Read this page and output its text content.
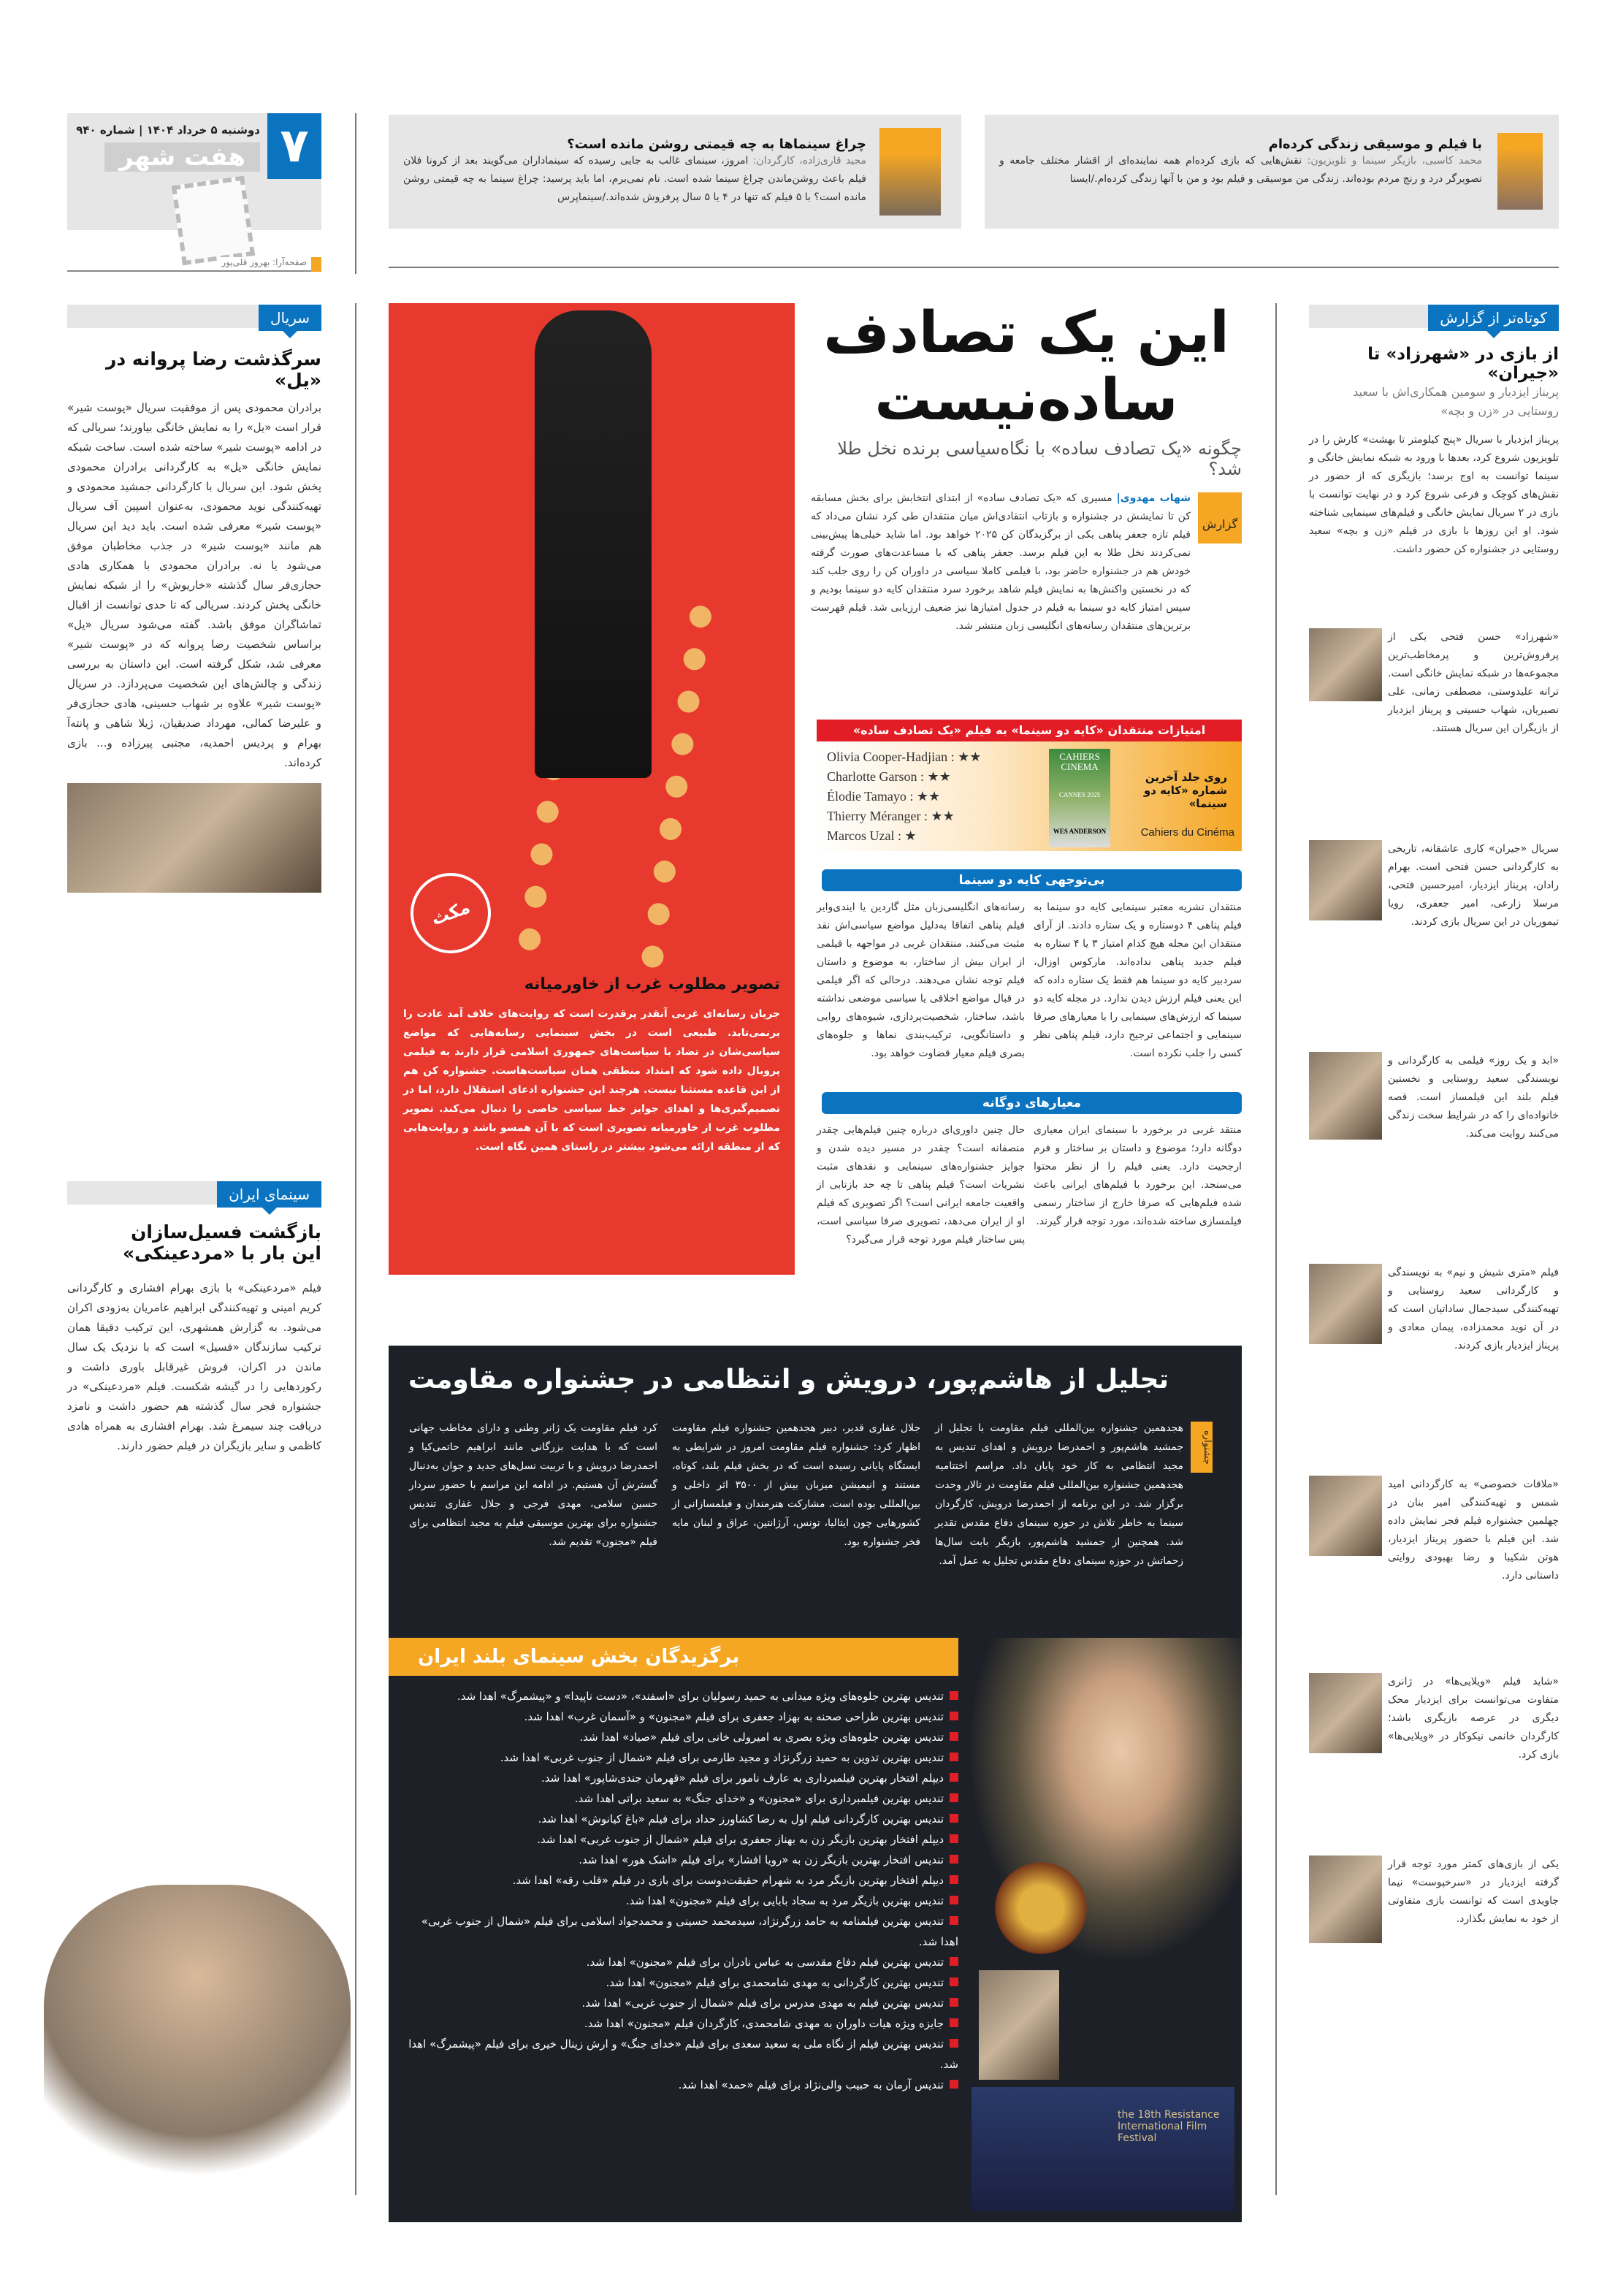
۷
دوشنبه ۵ خرداد ۱۴۰۴ | شماره ۹۴۰
هفت شهر
صفحه‌آرا: بهروز قلی‌پور
چراغ سینماها به چه قیمتی روشن مانده است؟
مجید قاری‌زاده، کارگردان: امروز، سینمای غالب به جایی رسیده که سینماداران می‌گویند بعد از کرونا فلان فیلم باعث روشن‌ماندن چراغ سینما شده است. نام نمی‌برم، اما باید پرسید: چراغ سینما به چه قیمتی روشن مانده است؟ با ۵ فیلم که تنها در ۴ یا ۵ سال پرفروش شده‌اند./سینماپرس
با فیلم و موسیقی زندگی کرده‌ام
محمد کاسبی، بازیگر سینما و تلویزیون: نقش‌هایی که بازی کرده‌ام همه نماینده‌ای از اقشار مختلف جامعه و تصویرگر درد و رنج مردم بوده‌اند. زندگی من موسیقی و فیلم بود و من با آنها زندگی کرده‌ام./ایسنا
سریال
سرگذشت رضا پروانه در «یل»
برادران محمودی پس از موفقیت سریال «پوست شیر» قرار است «یل» را به نمایش خانگی بیاورند؛ سریالی که در ادامه «پوست شیر» ساخته شده است. ساخت شبکه نمایش خانگی «یل» به کارگردانی برادران محمودی پخش شود. این سریال با کارگردانی جمشید محمودی و تهیه‌کنندگی نوید محمودی، به‌عنوان اسپین آف سریال «پوست شیر» معرفی شده است. باید دید این سریال هم مانند «پوست شیر» در جذب مخاطبان موفق می‌شود یا نه. برادران محمودی با همکاری هادی حجازی‌فر سال گذشته «خاریوش» را از شبکه نمایش خانگی پخش کردند. سریالی که تا حدی توانست از اقبال تماشاگران موفق باشد. گفته می‌شود سریال «یل» براساس شخصیت رضا پروانه که در «پوست شیر» معرفی شد، شکل گرفته است. این داستان به بررسی زندگی و چالش‌های این شخصیت می‌پردازد. در سریال «پوست شیر» علاوه بر شهاب حسینی، هادی حجازی‌فر و علیرضا کمالی، مهرداد صدیقیان، ژیلا شاهی و پانته‌آ بهرام و پردیس احمدیه، مجتبی پیرزاده و... بازی کرده‌اند.
سینمای ایران
بازگشت فسیل‌سازان
این بار با «مردعینکی»
فیلم «مردعینکی» با بازی بهرام افشاری و کارگردانی کریم امینی و تهیه‌کنندگی ابراهیم عامریان به‌زودی اکران می‌شود. به گزارش همشهری، این ترکیب دقیقا همان ترکیب سازندگان «فسیل» است که با نزدیک یک سال ماندن در اکران، فروش غیرقابل باوری داشت و رکورد‌هایی را در گیشه شکست. فیلم «مردعینکی» در جشنواره فجر سال گذشته هم حضور داشت و نامزد دریافت چند سیمرغ شد. بهرام افشاری به همراه هادی کاظمی و سایر بازیگران در فیلم حضور دارند.
مکث
تصویر مطلوب غرب از خاورمیانه
جریان رسانه‌ای غربی آنقدر پرقدرت است که روایت‌های خلاف آمد عادت را برنمی‌تابد. طبیعی است در بخش سینمایی رسانه‌هایی که مواضع سیاسی‌شان در تضاد با سیاست‌های جمهوری اسلامی قرار دارند به فیلمی پروبال داده شود که امتداد منطقی همان سیاست‌هاست. جشنواره کن هم از این قاعده مستثنا نیست. هرچند این جشنواره ادعای استقلال دارد، اما در تصمیم‌گیری‌ها و اهدای جوایز خط سیاسی خاصی را دنبال می‌کند. تصویر مطلوب غرب از خاورمیانه تصویری است که با آن همسو باشد و روایت‌هایی که از منطقه ارائه می‌شود بیشتر در راستای همین نگاه است.
این یک تصادف
ساده‌نیست
چگونه «یک تصادف ساده» با نگاه‌سیاسی برنده نخل طلا شد؟
گزارش
شهاب مهدوی| مسیری که «یک تصادف ساده» از ابتدای انتخابش برای بخش مسابقه کن تا نمایشش در جشنواره و بازتاب انتقادی‌اش میان منتقدان طی کرد نشان می‌داد که فیلم تازه جعفر پناهی یکی از برگزیدگان کن ۲۰۲۵ خواهد بود. اما شاید خیلی‌ها پیش‌بینی نمی‌کردند نخل طلا به این فیلم برسد. جعفر پناهی که با مساعدت‌های صورت گرفته خودش هم در جشنواره حاضر بود، با فیلمی کاملا سیاسی در داوران کن را روی جلب کند که در نخستین واکنش‌ها به نمایش فیلم شاهد برخورد سرد منتقدان کایه دو سینما بودیم و سپس امتیاز کایه دو سینما به فیلم در جدول امتیازها نیز ضعیف ارزیابی شد. فیلم فهرست برترین‌های منتقدان رسانه‌های انگلیسی زبان منتشر شد.
امتیازات منتقدان «کایه دو سینما» به فیلم «یک تصادف ساده»
Olivia Cooper-Hadjian : ★★
Charlotte Garson : ★★
Élodie Tamayo : ★★
Thierry Méranger : ★★
Marcos Uzal : ★
CAHIERS CINEMA
CANNES 2025
WES ANDERSON
روی جلد آخرین شماره «کایه دو سینما»
Cahiers du Cinéma
بی‌توجهی کایه دو سینما
منتقدان نشریه معتبر سینمایی کایه دو سینما به فیلم پناهی ۴ دوستاره و یک ستاره دادند. از آرای منتقدان این مجله هیچ کدام امتیاز ۳ یا ۴ ستاره به فیلم جدید پناهی نداده‌اند. مارکوس اوزال، سردبیر کایه دو سینما هم فقط یک ستاره داده که این یعنی فیلم ارزش دیدن ندارد. در مجله کایه دو سینما که ارزش‌های سینمایی را با معیارهای صرفا سینمایی و اجتماعی ترجیح دارد، فیلم پناهی نظر کسی را جلب نکرده است.
رسانه‌های انگلیسی‌زبان مثل گاردین یا ایندی‌وایر فیلم پناهی اتفاقا به‌دلیل مواضع سیاسی‌اش نقد مثبت می‌کنند. منتقدان غربی در مواجهه با فیلمی از ایران بیش از ساختار، به موضوع و داستان فیلم توجه نشان می‌دهند. درحالی که اگر فیلمی در قبال مواضع اخلاقی یا سیاسی موضعی نداشته باشد، ساختار، شخصیت‌پردازی، شیوه‌های روایی و داستانگویی، ترکیب‌بندی نماها و جلوه‌های بصری فیلم معیار قضاوت خواهد بود.
معیارهای دوگانه
منتقد غربی در برخورد با سینمای ایران معیاری دوگانه دارد؛ موضوع و داستان بر ساختار و فرم ارجحیت دارد. یعنی فیلم را از نظر محتوا می‌سنجد. این برخورد با فیلم‌های ایرانی باعث شده فیلم‌هایی که صرفا خارج از ساختار رسمی فیلمسازی ساخته شده‌اند، مورد توجه قرار گیرند.
حال چنین داوری‌ای درباره چنین فیلم‌هایی چقدر منصفانه است؟ چقدر در مسیر دیده شدن و جوایز جشنواره‌های سینمایی و نقدهای مثبت نشریات است؟ فیلم پناهی تا چه حد بازتابی از واقعیت جامعه ایرانی است؟ اگر تصویری که فیلم او از ایران می‌دهد، تصویری صرفا سیاسی است، پس ساختار فیلم مورد توجه قرار می‌گیرد؟
کوتاه‌تر از گزارش
از بازی در «شهرزاد» تا «جیران»
پریناز ایزدیار و سومین همکاری‌اش با سعید روستایی در «زن و بچه»
پریناز ایزدیار با سریال «پنج کیلومتر تا بهشت» کارش را در تلویزیون شروع کرد، بعدها با ورود به شبکه نمایش خانگی و سینما توانست به اوج برسد؛ بازیگری که از حضور در نقش‌های کوچک و فرعی شروع کرد و در نهایت توانست با بازی در ۲ سریال نمایش خانگی و فیلم‌های سینمایی شناخته شود. او این روزها با بازی در فیلم «زن و بچه» سعید روستایی در جشنواره کن حضور داشت.
«شهرزاد» حسن فتحی یکی از پرفروش‌ترین و پرمخاطب‌ترین مجموعه‌ها در شبکه نمایش خانگی است. ترانه علیدوستی، مصطفی زمانی، علی نصیریان، شهاب حسینی و پریناز ایزدیار از بازیگران این سریال هستند.
سریال «جیران» کاری عاشقانه، تاریخی به کارگردانی حسن فتحی است. بهرام رادان، پریناز ایزدیار، امیرحسین فتحی، مرسلا زارعی، امیر جعفری، رویا تیموریان در این سریال بازی کردند.
«ابد و یک روز» فیلمی به کارگردانی و نویسندگی سعید روستایی و نخستین فیلم بلند این فیلمساز است. قصه خانواده‌ای را که در شرایط سخت زندگی می‌کنند روایت می‌کند.
فیلم «متری شیش و نیم» به نویسندگی و کارگردانی سعید روستایی و تهیه‌کنندگی سیدجمال ساداتیان است که در آن نوید محمدزاده، پیمان معادی و پریناز ایزدیار بازی کردند.
«ملاقات خصوصی» به کارگردانی امید شمس و تهیه‌کنندگی امیر بنان در چهلمین جشنواره فیلم فجر نمایش داده شد. این فیلم با حضور پریناز ایزدیار، هوتن شکیبا و رضا بهبودی روایتی داستانی دارد.
«شاید فیلم «ویلایی‌ها» در ژانری متفاوت می‌توانست برای ایزدیار محک دیگری در عرصه بازیگری باشد؛ کارگردان خانمی نیکوکار در «ویلایی‌ها» بازی کرد.
یکی از بازی‌های کمتر مورد توجه قرار گرفته ایزدیار در «سرخپوست» نیما جاویدی است که توانست بازی متفاوتی از خود به نمایش بگذارد.
تجلیل از هاشم‌پور، درویش و انتظامی در جشنواره مقاومت
جشنواره
هجدهمین جشنواره بین‌المللی فیلم مقاومت با تجلیل از جمشید هاشم‌پور و احمدرضا درویش و اهدای تندیس به مجید انتظامی به کار خود پایان داد. مراسم اختتامیه هجدهمین جشنواره بین‌المللی فیلم مقاومت در تالار وحدت برگزار شد. در این برنامه از احمدرضا درویش، کارگردان سینما به خاطر تلاش در حوزه سینمای دفاع مقدس تقدیر شد. همچنین از جمشید هاشم‌پور، بازیگر بابت سال‌ها زحماتش در حوزه سینمای دفاع مقدس تجلیل به عمل آمد.
جلال غفاری قدیر، دبیر هجدهمین جشنواره فیلم مقاومت اظهار کرد: جشنواره فیلم مقاومت امروز در شرایطی به ایستگاه پایانی رسیده است که در بخش فیلم بلند، کوتاه، مستند و انیمیشن میزبان بیش از ۳۵۰۰ اثر داخلی و بین‌المللی بوده است. مشارکت هنرمندان و فیلمسازانی از کشورهایی چون ایتالیا، تونس، آرژانتین، عراق و لبنان مایه فخر جشنواره بود.
کرد فیلم مقاومت یک ژانر وطنی و دارای مخاطب جهانی است که با هدایت بزرگانی مانند ابراهیم حاتمی‌کیا و احمدرضا درویش و با تربیت نسل‌های جدید و جوان به‌دنبال گسترش آن هستیم. در ادامه این مراسم با حضور سردار حسین سلامی، مهدی فرجی و جلال غفاری تندیس جشنواره برای بهترین موسیقی فیلم به مجید انتظامی برای فیلم «مجنون» تقدیم شد.
برگزیدگان بخش سینمای بلند ایران
تندیس بهترین جلوه‌های ویژه میدانی به حمید رسولیان برای «اسفند»، «دست ناپیدا» و «پیشمرگ» اهدا شد.
تندیس بهترین طراحی صحنه به بهزاد جعفری برای فیلم «مجنون» و «آسمان غرب» اهدا شد.
تندیس بهترین جلوه‌های ویژه بصری به امیرولی خانی برای فیلم «صیاد» اهدا شد.
تندیس بهترین تدوین به حمید زرگرنژاد و مجید طارمی برای فیلم «شمال از جنوب غربی» اهدا شد.
دیپلم افتخار بهترین فیلمبرداری به عارف نامور برای فیلم «قهرمان جندی‌شاپور» اهدا شد.
تندیس بهترین فیلمبرداری برای «مجنون» و «خدای جنگ» به سعید براتی اهدا شد.
تندیس بهترین کارگردانی فیلم اول به رضا کشاورز حداد برای فیلم «باغ کیانوش» اهدا شد.
دیپلم افتخار بهترین بازیگر زن به بهناز جعفری برای فیلم «شمال از جنوب غربی» اهدا شد.
تندیس افتخار بهترین بازیگر زن به «رویا افشار» برای فیلم «اشک هور» اهدا شد.
دیپلم افتخار بهترین بازیگر مرد به شهرام حقیقت‌دوست برای بازی در فیلم «قلب رقه» اهدا شد.
تندیس بهترین بازیگر مرد به سجاد بابایی برای فیلم «مجنون» اهدا شد.
تندیس بهترین فیلمنامه به حامد زرگرنژاد، سیدمحمد حسینی و محمدجواد اسلامی برای فیلم «شمال از جنوب غربی» اهدا شد.
تندیس بهترین فیلم دفاع مقدسی به عباس نادران برای فیلم «مجنون» اهدا شد.
تندیس بهترین کارگردانی به مهدی شامحمدی برای فیلم «مجنون» اهدا شد.
تندیس بهترین فیلم به مهدی مدرس برای فیلم «شمال از جنوب غربی» اهدا شد.
جایزه ویژه هیات داوران به مهدی شامحمدی، کارگردان فیلم «مجنون» اهدا شد.
تندیس بهترین فیلم از نگاه ملی به سعید سعدی برای فیلم «خدای جنگ» و ارش زینال خیری برای فیلم «پیشمرگ» اهدا شد.
تندیس آرمان به حبیب والی‌نژاد برای فیلم «حمد» اهدا شد.
the 18th Resistance International Film Festival
